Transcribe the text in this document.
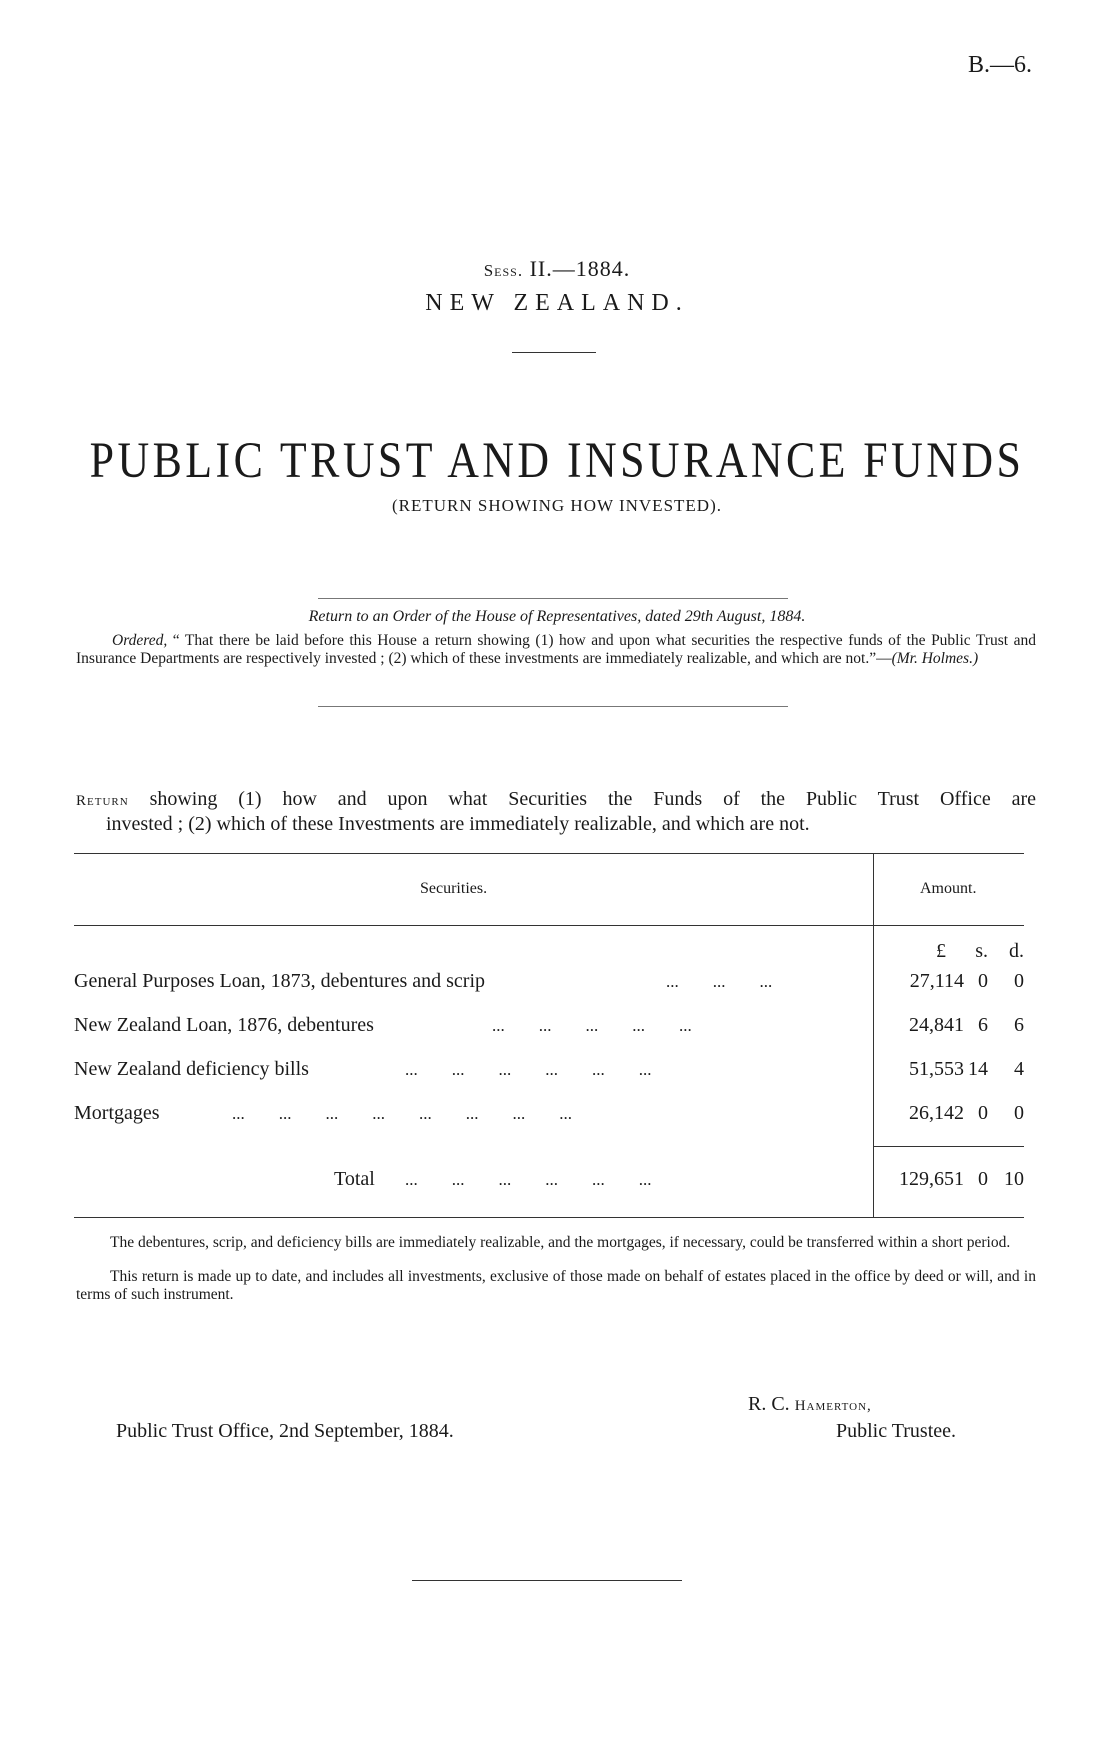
B.—6.
Sess. II.—1884.
NEW ZEALAND.
PUBLIC TRUST AND INSURANCE FUNDS
(RETURN SHOWING HOW INVESTED).
Return to an Order of the House of Representatives, dated 29th August, 1884.
Ordered, “ That there be laid before this House a return showing (1) how and upon what securities the respective funds of the Public Trust and Insurance Departments are respectively invested ; (2) which of these investments are immediately realizable, and which are not.”—(Mr. Holmes.)
Return showing (1) how and upon what Securities the Funds of the Public Trust Office are
invested ; (2) which of these Investments are immediately realizable, and which are not.
Securities.	Amount.
£	s.	d.
General Purposes Loan, 1873, debentures and scrip	...        ...        ...	27,114 0	0
New Zealand Loan, 1876, debentures	...        ...        ...        ...        ...	24,841 6	6
New Zealand deficiency bills	...        ...        ...        ...        ...        ...	51,553 14	4
Mortgages	...        ...        ...        ...        ...        ...        ...        ...	26,142 0	0
Total ...        ...        ...        ...        ...        ...	129,651 0 10

The debentures, scrip, and deficiency bills are immediately realizable, and the mortgages, if necessary, could be transferred within a short period.

This return is made up to date, and includes all investments, exclusive of those made on behalf of estates placed in the office by deed or will, and in terms of such instrument.

R. C. Hamerton,
Public Trustee.
Public Trust Office, 2nd September, 1884.
